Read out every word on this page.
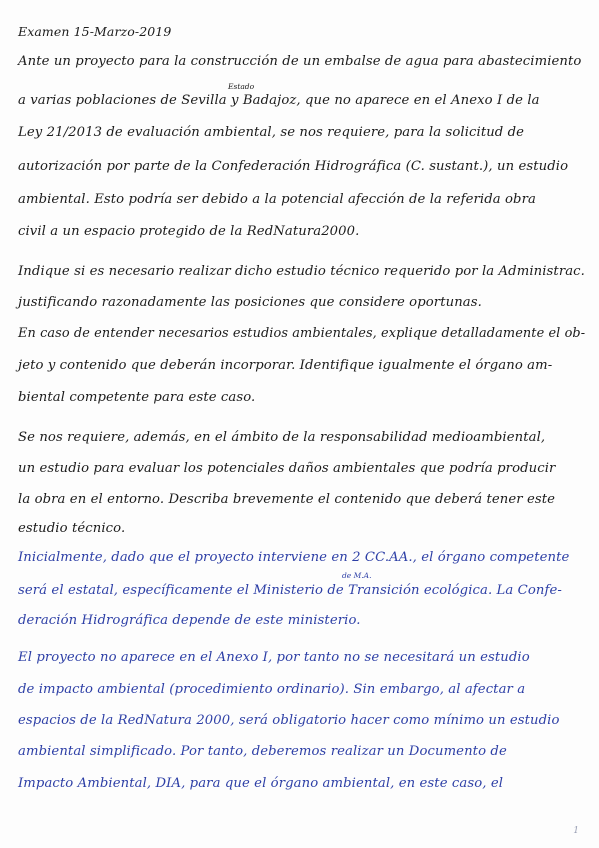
Examen 15-Marzo-2019
Ante un proyecto para la construcción de un embalse de agua para abastecimiento
Estado
a varias poblaciones de Sevilla y Badajoz, que no aparece en el Anexo I de la
Ley 21/2013 de evaluación ambiental, se nos requiere, para la solicitud de
autorización por parte de la Confederación Hidrográfica (C. sustant.), un estudio
ambiental. Esto podría ser debido a la potencial afección de la referida obra
civil a un espacio protegido de la RedNatura2000.
Indique si es necesario realizar dicho estudio técnico requerido por la Administrac.
justificando razonadamente las posiciones que considere oportunas.
En caso de entender necesarios estudios ambientales, explique detalladamente el ob-
jeto y contenido que deberán incorporar. Identifique igualmente el órgano am-
biental competente para este caso.
Se nos requiere, además, en el ámbito de la responsabilidad medioambiental,
un estudio para evaluar los potenciales daños ambientales que podría producir
la obra en el entorno. Describa brevemente el contenido que deberá tener este
estudio técnico.
Inicialmente, dado que el proyecto interviene en 2 CC.AA., el órgano competente
de M.A.
será el estatal, específicamente el Ministerio de Transición ecológica. La Confe-
deración Hidrográfica depende de este ministerio.
El proyecto no aparece en el Anexo I, por tanto no se necesitará un estudio
de impacto ambiental (procedimiento ordinario). Sin embargo, al afectar a
espacios de la RedNatura 2000, será obligatorio hacer como mínimo un estudio
ambiental simplificado. Por tanto, deberemos realizar un Documento de
Impacto Ambiental, DIA, para que el órgano ambiental, en este caso, el
1
